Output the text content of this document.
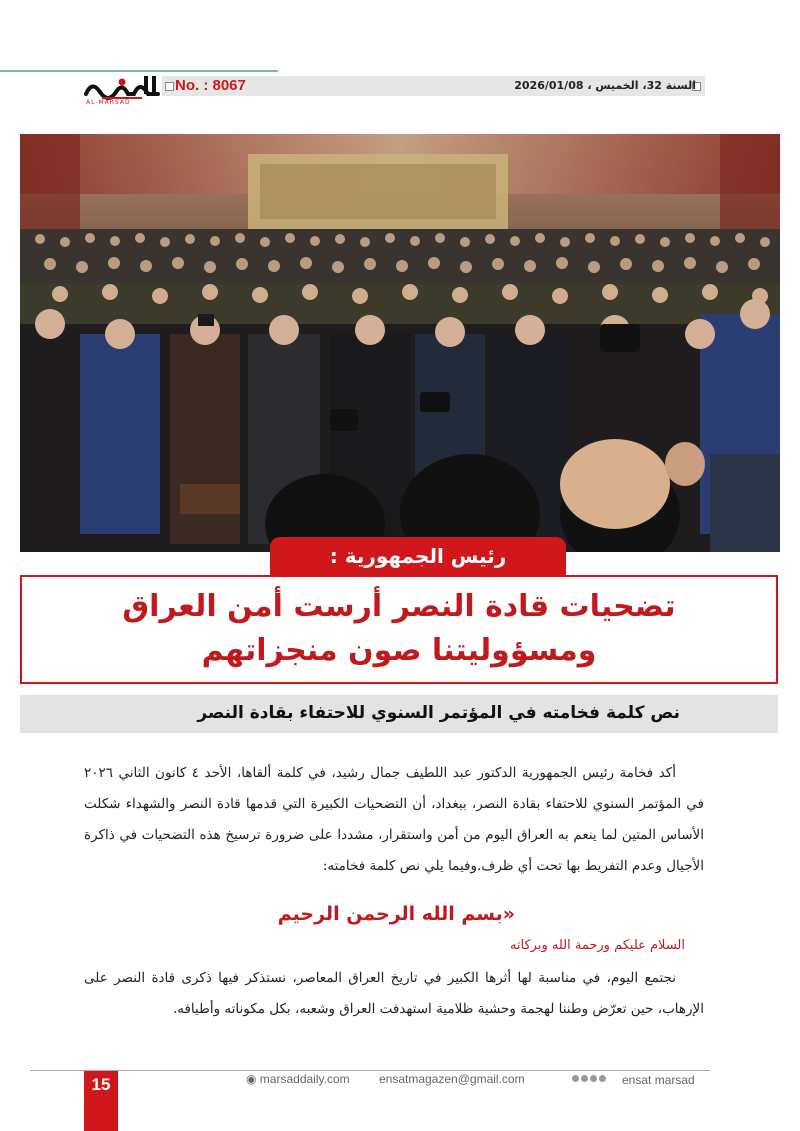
AL-MARSAD
No. : 8067	السنة 32، الخميس ، 2026/01/08
رئيس الجمهورية :
تضحيات قادة النصر أرست أمن العراق
ومسؤوليتنا صون منجزاتهم
نص كلمة فخامته في المؤتمر السنوي للاحتفاء بقادة النصر

أكد فخامة رئيس الجمهورية الدكتور عبد اللطيف جمال رشيد، في كلمة ألقاها، الأحد ٤ كانون الثاني ٢٠٢٦ في المؤتمر السنوي للاحتفاء بقادة النصر، ببغداد، أن التضحيات الكبيرة التي قدمها قادة النصر والشهداء شكلت الأساس المتين لما ينعم به العراق اليوم من أمن واستقرار، مشددا على ضرورة ترسيخ هذه التضحيات في ذاكرة الأجيال وعدم التفريط بها تحت أي ظرف.وفيما يلي نص كلمة فخامته:

«بسم الله الرحمن الرحيم
السلام عليكم ورحمة الله وبركاته

نجتمع اليوم، في مناسبة لها أثرها الكبير في تاريخ العراق المعاصر، نستذكر فيها ذكرى قادة النصر على الإرهاب، حين تعرّض وطننا لهجمة وحشية ظلامية استهدفت العراق وشعبه، بكل مكوناته وأطيافه.

15	◉ marsaddaily.com ensatmagazen@gmail.com	ensat marsad
